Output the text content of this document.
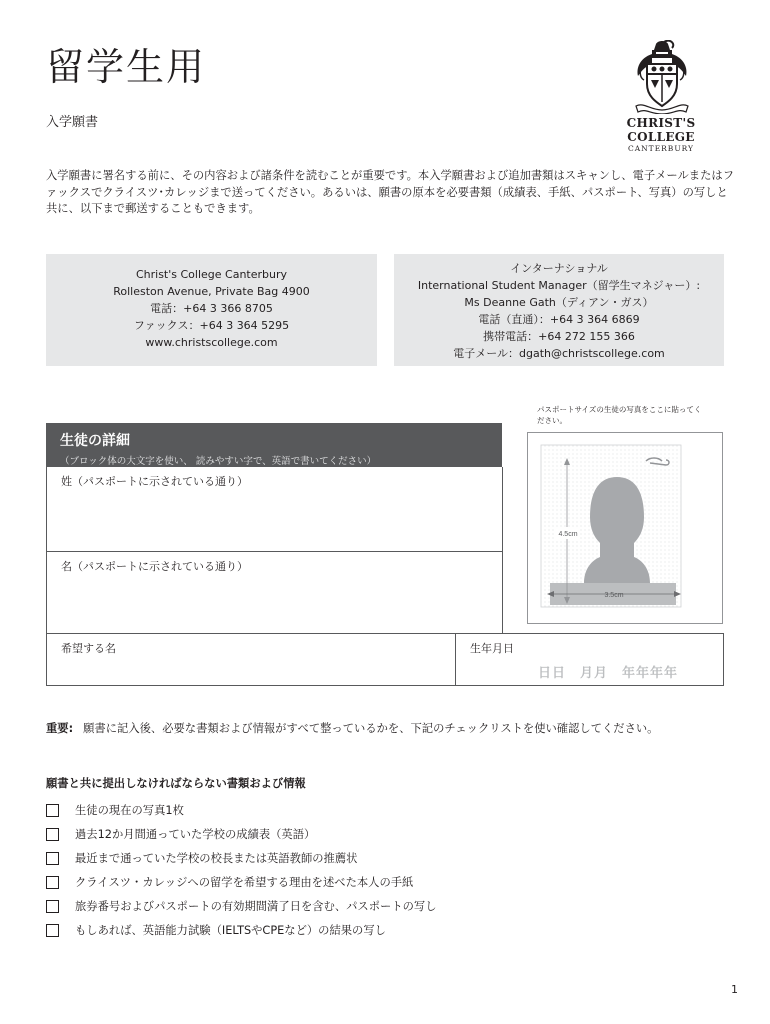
留学生用
入学願書	CHRIST'S COLLEGE
CANTERBURY
入学願書に署名する前に、その内容および諸条件を読むことが重要です。本入学願書および追加書類はスキャンし、電子メールまたはファックスでクライスツ･カレッジまで送ってください。あるいは、願書の原本を必要書類（成績表、手紙、パスポート、写真）の写しと共に、以下まで郵送することもできます。
Christ's College Canterbury
Rolleston Avenue, Private Bag 4900
電話：+64 3 366 8705
ファックス：+64 3 364 5295
www.christscollege.com
インターナショナル
International Student Manager（留学生マネジャー）:
Ms Deanne Gath（ディアン・ガス）
電話（直通）：+64 3 364 6869
携帯電話：+64 272 155 366
電子メール：dgath@christscollege.com
パスポートサイズの生徒の写真をここに貼ってください。
4.5cm
3.5cm
生徒の詳細
（ブロック体の大文字を使い、 読みやすい字で、英語で書いてください）
姓（パスポートに示されている通り）
名（パスポートに示されている通り）
希望する名	生年月日
日日　月月　年年年年
重要: 願書に記入後、必要な書類および情報がすべて整っているかを、下記のチェックリストを使い確認してください。
願書と共に提出しなければならない書類および情報
生徒の現在の写真1枚
過去12か月間通っていた学校の成績表（英語）
最近まで通っていた学校の校長または英語教師の推薦状
クライスツ・カレッジへの留学を希望する理由を述べた本人の手紙
旅券番号およびパスポートの有効期間満了日を含む、パスポートの写し
もしあれば、英語能力試験（IELTSやCPEなど）の結果の写し
1
